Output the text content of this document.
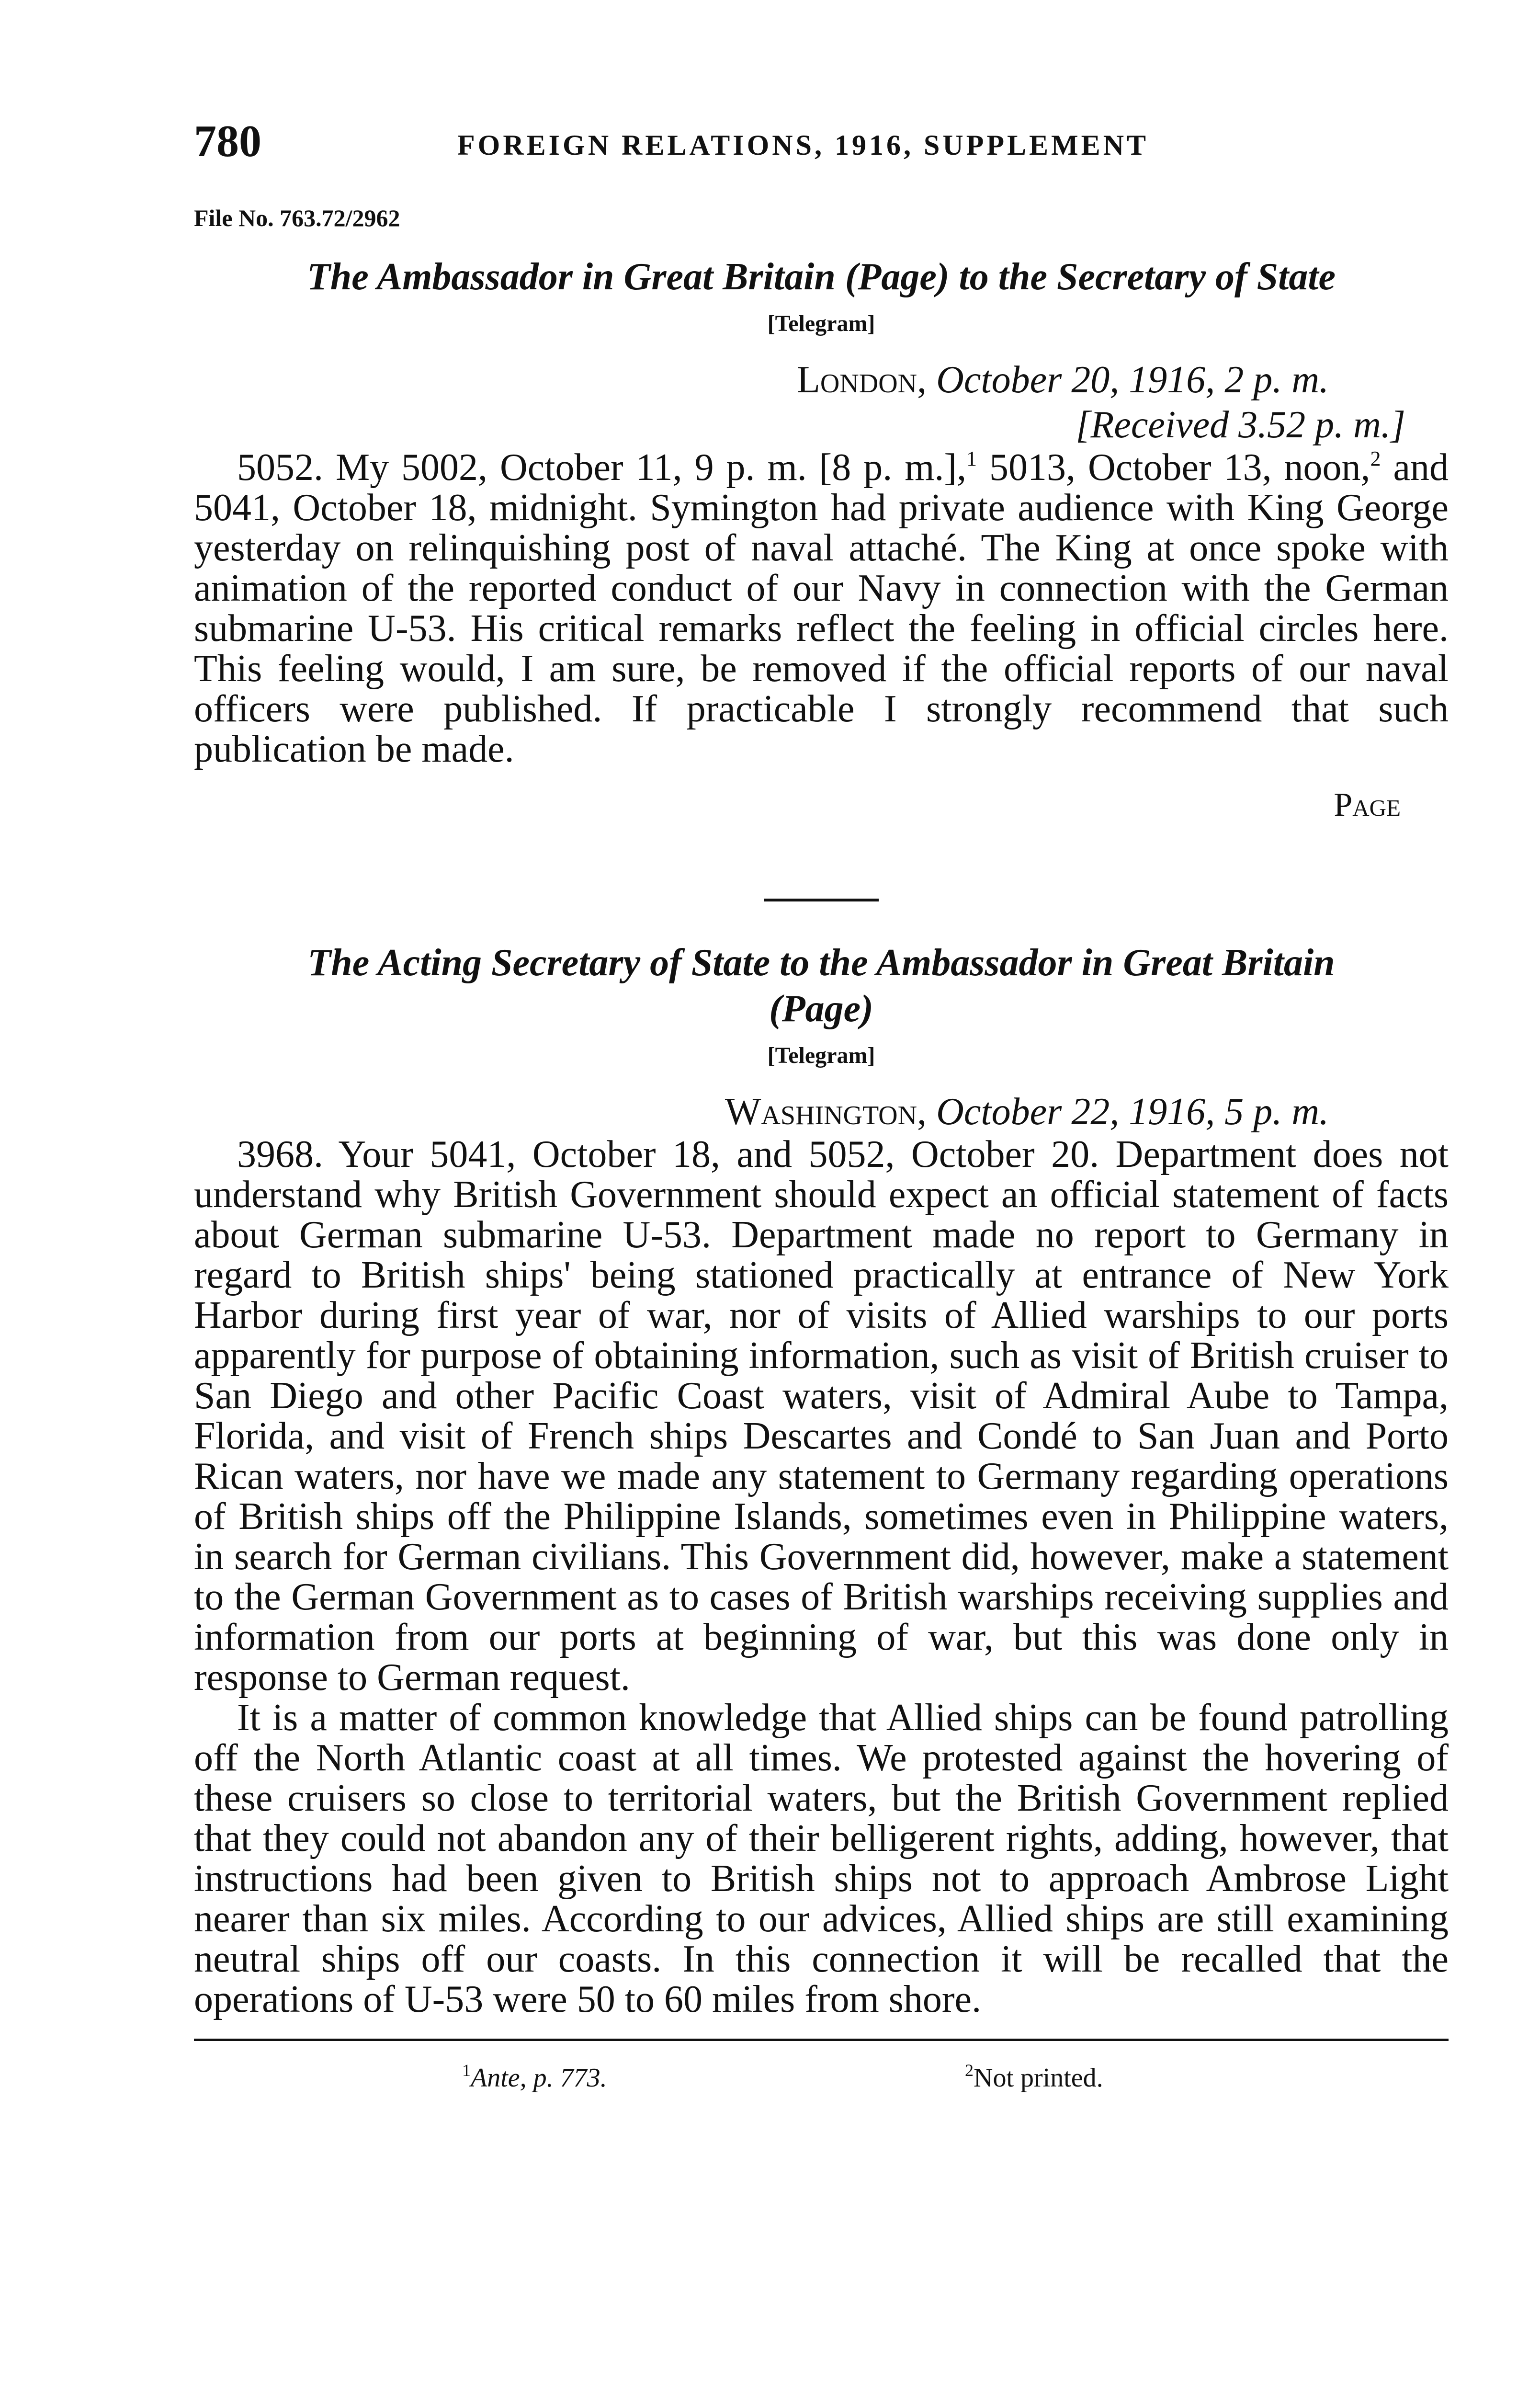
780	FOREIGN RELATIONS, 1916, SUPPLEMENT
File No. 763.72/2962
The Ambassador in Great Britain (Page) to the Secretary of State
[Telegram]
London, October 20, 1916, 2 p. m.
[Received 3.52 p. m.]

5052. My 5002, October 11, 9 p. m. [8 p. m.],$^1$ 5013, October 13, noon,$^2$ and 5041, October 18, midnight. Symington had private audience with King George yesterday on relinquishing post of naval attaché. The King at once spoke with animation of the reported conduct of our Navy in connection with the German submarine U-53. His critical remarks reflect the feeling in official circles here. This feeling would, I am sure, be removed if the official reports of our naval officers were published. If practicable I strongly recommend that such publication be made.

Page
The Acting Secretary of State to the Ambassador in Great Britain
(Page)
[Telegram]
Washington, October 22, 1916, 5 p. m.

3968. Your 5041, October 18, and 5052, October 20. Department does not understand why British Government should expect an official statement of facts about German submarine U-53. Department made no report to Germany in regard to British ships' being stationed practically at entrance of New York Harbor during first year of war, nor of visits of Allied warships to our ports apparently for purpose of obtaining information, such as visit of British cruiser to San Diego and other Pacific Coast waters, visit of Admiral Aube to Tampa, Florida, and visit of French ships Descartes and Condé to San Juan and Porto Rican waters, nor have we made any statement to Germany regarding operations of British ships off the Philippine Islands, sometimes even in Philippine waters, in search for German civilians. This Government did, however, make a statement to the German Government as to cases of British warships receiving supplies and information from our ports at beginning of war, but this was done only in response to German request.

It is a matter of common knowledge that Allied ships can be found patrolling off the North Atlantic coast at all times. We protested against the hovering of these cruisers so close to territorial waters, but the British Government replied that they could not abandon any of their belligerent rights, adding, however, that instructions had been given to British ships not to approach Ambrose Light nearer than six miles. According to our advices, Allied ships are still examining neutral ships off our coasts. In this connection it will be recalled that the operations of U-53 were 50 to 60 miles from shore.

$^1$Ante, p. 773.	$^2$Not printed.
